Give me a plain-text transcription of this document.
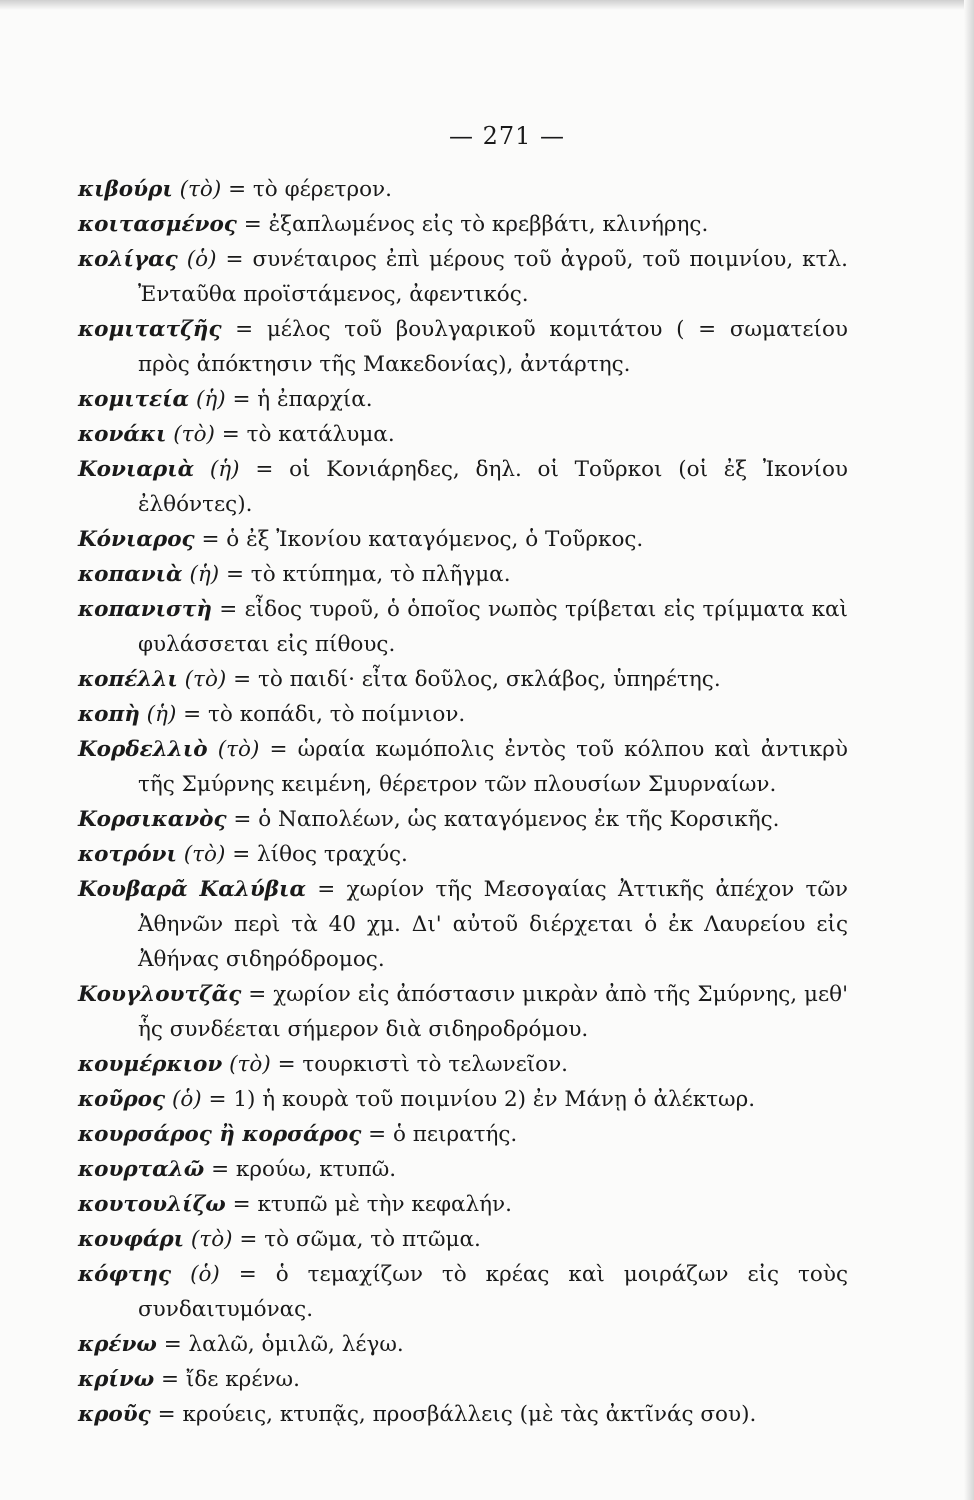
— 271 —

κιβούρι (τὸ) = τὸ φέρετρον.

κοιτασμένος = ἐξαπλωμένος εἰς τὸ κρεββάτι, κλινήρης.

κολίγας (ὁ) = συνέταιρος ἐπὶ μέρους τοῦ ἀγροῦ, τοῦ ποιμνίου, κτλ. Ἐνταῦθα προϊστάμενος, ἀφεντικός.

κομιτατζῆς = μέλος τοῦ βουλγαρικοῦ κομιτάτου ( = σωματείου πρὸς ἀπόκτησιν τῆς Μακεδονίας), ἀντάρτης.

κομιτεία (ἡ) = ἡ ἐπαρχία.

κονάκι (τὸ) = τὸ κατάλυμα.

Κονιαριὰ (ἡ) = οἱ Κονιάρηδες, δηλ. οἱ Τοῦρκοι (οἱ ἐξ Ἰκονίου ἐλθόντες).

Κόνιαρος = ὁ ἐξ Ἰκονίου καταγόμενος, ὁ Τοῦρκος.

κοπανιὰ (ἡ) = τὸ κτύπημα, τὸ πλῆγμα.

κοπανιστὴ = εἶδος τυροῦ, ὁ ὁποῖος νωπὸς τρίβεται εἰς τρίμματα καὶ φυλάσσεται εἰς πίθους.

κοπέλλι (τὸ) = τὸ παιδί· εἶτα δοῦλος, σκλάβος, ὑπηρέτης.

κοπὴ (ἡ) = τὸ κοπάδι, τὸ ποίμνιον.

Κορδελλιὸ (τὸ) = ὡραία κωμόπολις ἐντὸς τοῦ κόλπου καὶ ἀντικρὺ τῆς Σμύρνης κειμένη, θέρετρον τῶν πλουσίων Σμυρναίων.

Κορσικανὸς = ὁ Ναπολέων, ὡς καταγόμενος ἐκ τῆς Κορσικῆς.

κοτρόνι (τὸ) = λίθος τραχύς.

Κουβαρᾶ Καλύβια = χωρίον τῆς Μεσογαίας Ἀττικῆς ἀπέχον τῶν Ἀθηνῶν περὶ τὰ 40 χμ. Δι' αὐτοῦ διέρχεται ὁ ἐκ Λαυρείου εἰς Ἀθήνας σιδηρόδρομος.

Κουγλουτζᾶς = χωρίον εἰς ἀπόστασιν μικρὰν ἀπὸ τῆς Σμύρνης, μεθ' ἧς συνδέεται σήμερον διὰ σιδηροδρόμου.

κουμέρκιον (τὸ) = τουρκιστὶ τὸ τελωνεῖον.

κοῦρος (ὁ) = 1) ἡ κουρὰ τοῦ ποιμνίου 2) ἐν Μάνῃ ὁ ἀλέκτωρ.

κουρσάρος ἢ κορσάρος = ὁ πειρατής.

κουρταλῶ = κρούω, κτυπῶ.

κουτουλίζω = κτυπῶ μὲ τὴν κεφαλήν.

κουφάρι (τὸ) = τὸ σῶμα, τὸ πτῶμα.

κόφτης (ὁ) = ὁ τεμαχίζων τὸ κρέας καὶ μοιράζων εἰς τοὺς συνδαιτυμόνας.

κρένω = λαλῶ, ὁμιλῶ, λέγω.

κρίνω = ἴδε κρένω.

κροῦς = κρούεις, κτυπᾷς, προσβάλλεις (μὲ τὰς ἀκτῖνάς σου).
